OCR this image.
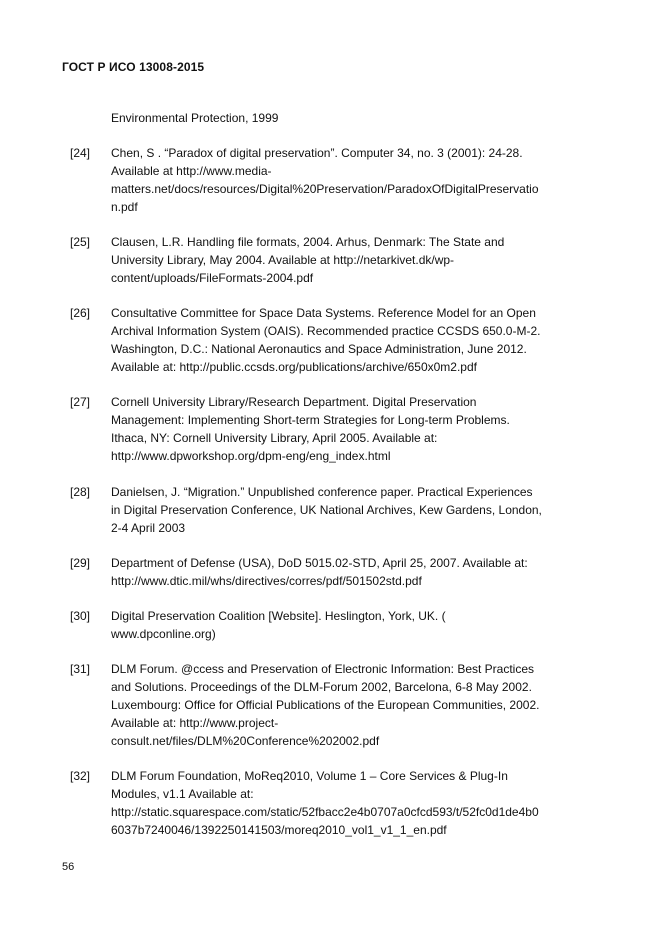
ГОСТ Р ИСО 13008-2015
Environmental Protection, 1999
[24]	Chen, S . “Paradox of digital preservation”. Computer 34, no. 3 (2001): 24-28.
Available at http://www.media-
matters.net/docs/resources/Digital%20Preservation/ParadoxOfDigitalPreservatio
n.pdf
[25]	Clausen, L.R. Handling file formats, 2004. Arhus, Denmark: The State and
University Library, May 2004. Available at http://netarkivet.dk/wp-
content/uploads/FileFormats-2004.pdf
[26]	Consultative Committee for Space Data Systems. Reference Model for an Open
Archival Information System (OAIS). Recommended practice CCSDS 650.0-M-2.
Washington, D.C.: National Aeronautics and Space Administration, June 2012.
Available at: http://public.ccsds.org/publications/archive/650x0m2.pdf
[27]	Cornell University Library/Research Department. Digital Preservation
Management: Implementing Short-term Strategies for Long-term Problems.
Ithaca, NY: Cornell University Library, April 2005. Available at:
http://www.dpworkshop.org/dpm-eng/eng_index.html
[28]	Danielsen, J. “Migration.” Unpublished conference paper. Practical Experiences
in Digital Preservation Conference, UK National Archives, Kew Gardens, London,
2-4 April 2003
[29]	Department of Defense (USA), DoD 5015.02-STD, April 25, 2007. Available at:
http://www.dtic.mil/whs/directives/corres/pdf/501502std.pdf
[30]	Digital Preservation Coalition [Website]. Heslington, York, UK. (
www.dpconline.org)
[31]	DLM Forum. @ccess and Preservation of Electronic Information: Best Practices
and Solutions. Proceedings of the DLM-Forum 2002, Barcelona, 6-8 May 2002.
Luxembourg: Office for Official Publications of the European Communities, 2002.
Available at: http://www.project-
consult.net/files/DLM%20Conference%202002.pdf
[32]	DLM Forum Foundation, MoReq2010, Volume 1 – Core Services & Plug-In
Modules, v1.1 Available at:
http://static.squarespace.com/static/52fbacc2e4b0707a0cfcd593/t/52fc0d1de4b0
6037b7240046/1392250141503/moreq2010_vol1_v1_1_en.pdf
56
